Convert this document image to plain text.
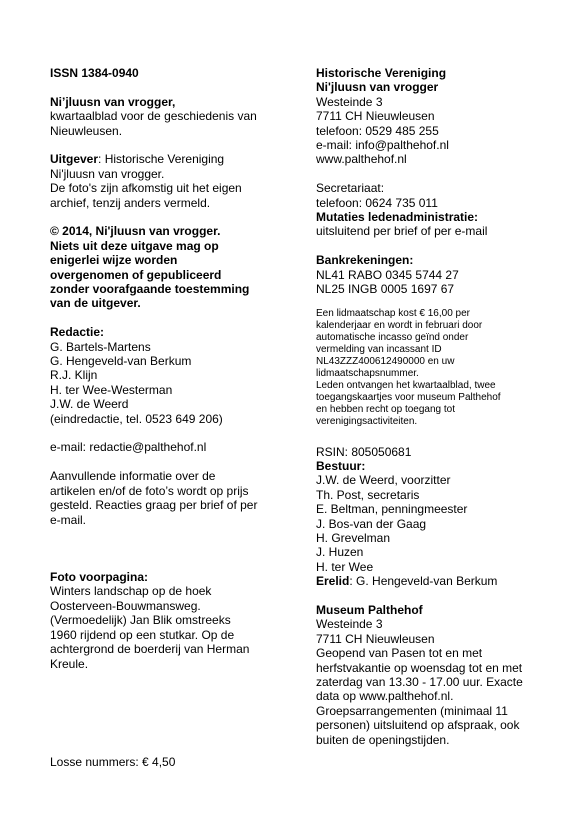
ISSN 1384-0940
Ni’jluusn van vrogger,
kwartaalblad voor de geschiedenis van
Nieuwleusen.
Uitgever: Historische Vereniging
Ni'jluusn van vrogger.
De foto's zijn afkomstig uit het eigen
archief, tenzij anders vermeld.
© 2014, Ni'jluusn van vrogger.
Niets uit deze uitgave mag op
enigerlei wijze worden
overgenomen of gepubliceerd
zonder voorafgaande toestemming
van de uitgever.
Redactie:
G. Bartels-Martens
G. Hengeveld-van Berkum
R.J. Klijn
H. ter Wee-Westerman
J.W. de Weerd
(eindredactie, tel. 0523 649 206)
e-mail: redactie@palthehof.nl
Aanvullende informatie over de
artikelen en/of de foto’s wordt op prijs
gesteld. Reacties graag per brief of per
e-mail.
Foto voorpagina:
Winters landschap op de hoek
Oosterveen-Bouwmansweg.
(Vermoedelijk) Jan Blik omstreeks
1960 rijdend op een stutkar. Op de
achtergrond de boerderij van Herman
Kreule.
Losse nummers: € 4,50
Historische Vereniging
Ni'jluusn van vrogger
Westeinde 3
7711 CH Nieuwleusen
telefoon: 0529 485 255
e-mail: info@palthehof.nl
www.palthehof.nl
Secretariaat:
telefoon: 0624 735 011
Mutaties ledenadministratie:
uitsluitend per brief of per e-mail
Bankrekeningen:
NL41 RABO 0345 5744 27
NL25 INGB 0005 1697 67
Een lidmaatschap kost € 16,00 per
kalenderjaar en wordt in februari door
automatische incasso geïnd onder
vermelding van incassant ID
NL43ZZZ400612490000 en uw
lidmaatschapsnummer.
Leden ontvangen het kwartaalblad, twee
toegangskaartjes voor museum Palthehof
en hebben recht op toegang tot
verenigingsactiviteiten.
RSIN: 805050681
Bestuur:
J.W. de Weerd, voorzitter
Th. Post, secretaris
E. Beltman, penningmeester
J. Bos-van der Gaag
H. Grevelman
J. Huzen
H. ter Wee
Erelid: G. Hengeveld-van Berkum
Museum Palthehof
Westeinde 3
7711 CH Nieuwleusen
Geopend van Pasen tot en met
herfstvakantie op woensdag tot en met
zaterdag van 13.30 - 17.00 uur. Exacte
data op www.palthehof.nl.
Groepsarrangementen (minimaal 11
personen) uitsluitend op afspraak, ook
buiten de openingstijden.
